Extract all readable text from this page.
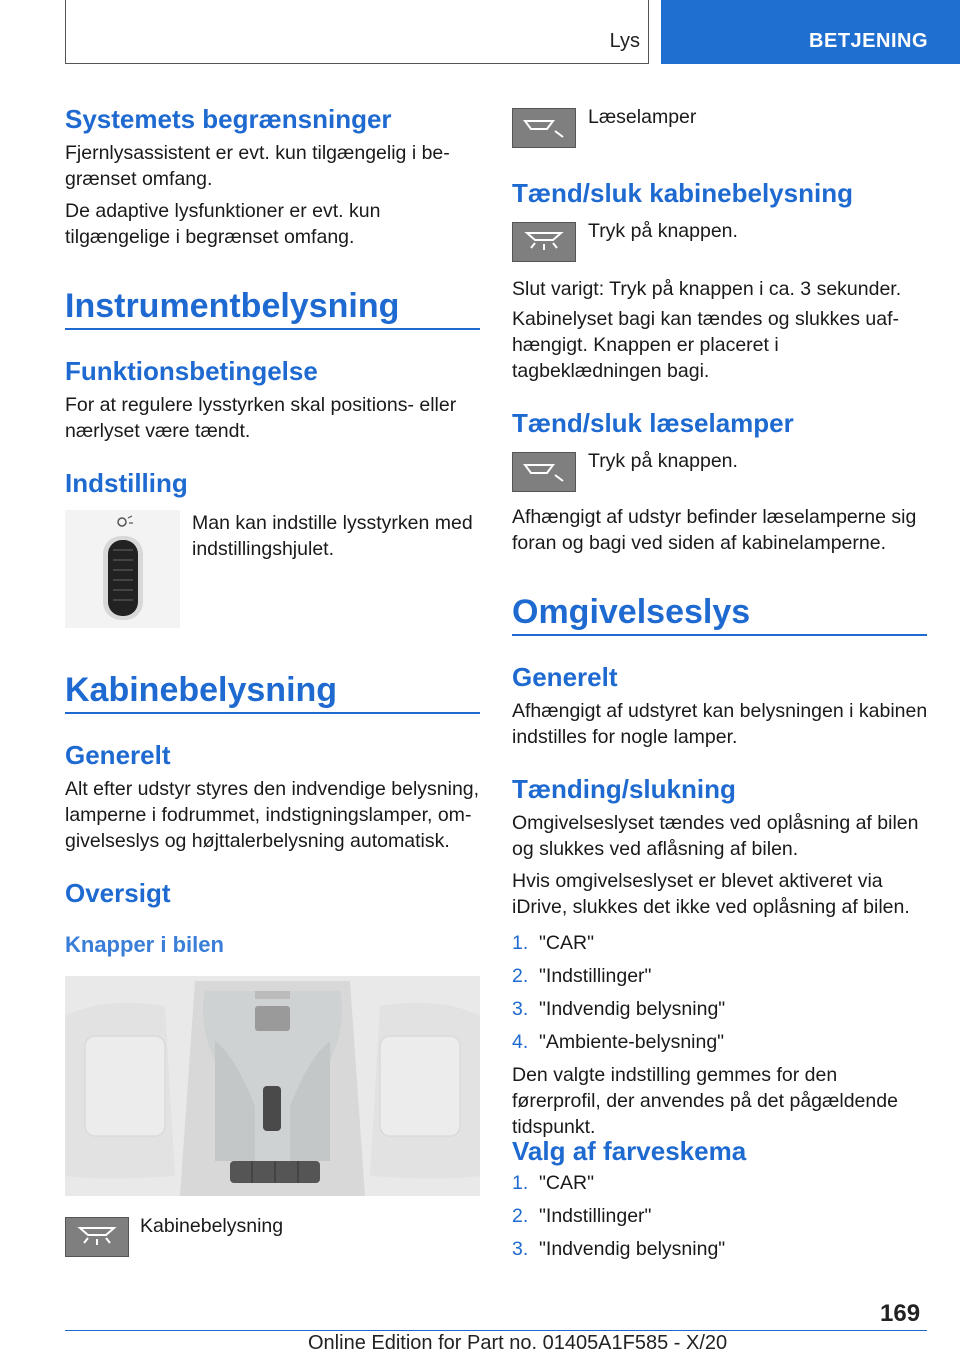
Lys	BETJENING
Systemets begrænsninger
Fjernlysassistent er evt. kun tilgængelig i begrænset omfang.
De adaptive lysfunktioner er evt. kun tilgængelige i begrænset omfang.
Instrumentbelysning
Funktionsbetingelse
For at regulere lysstyrken skal positions- eller nærlyset være tændt.
Indstilling
Man kan indstille lysstyrken med indstillingshjulet.
Kabinebelysning
Generelt
Alt efter udstyr styres den indvendige belysning, lamperne i fodrummet, indstigningslamper, omgivelseslys og højttalerbelysning automatisk.
Oversigt
Knapper i bilen
Kabinebelysning
Læselamper
Tænd/sluk kabinebelysning
Tryk på knappen.
Slut varigt: Tryk på knappen i ca. 3 sekunder.
Kabinelyset bagi kan tændes og slukkes uafhængigt. Knappen er placeret i tagbeklædningen bagi.
Tænd/sluk læselamper
Tryk på knappen.
Afhængigt af udstyr befinder læselamperne sig foran og bagi ved siden af kabinelamperne.
Omgivelseslys
Generelt
Afhængigt af udstyret kan belysningen i kabinen indstilles for nogle lamper.
Tænding/slukning
Omgivelseslyset tændes ved oplåsning af bilen og slukkes ved aflåsning af bilen.
Hvis omgivelseslyset er blevet aktiveret via iDrive, slukkes det ikke ved oplåsning af bilen.
1. "CAR"
2. "Indstillinger"
3. "Indvendig belysning"
4. "Ambiente-belysning"
Den valgte indstilling gemmes for den førerprofil, der anvendes på det pågældende tidspunkt.
Valg af farveskema
1. "CAR"
2. "Indstillinger"
3. "Indvendig belysning"
169
Online Edition for Part no. 01405A1F585 - X/20
